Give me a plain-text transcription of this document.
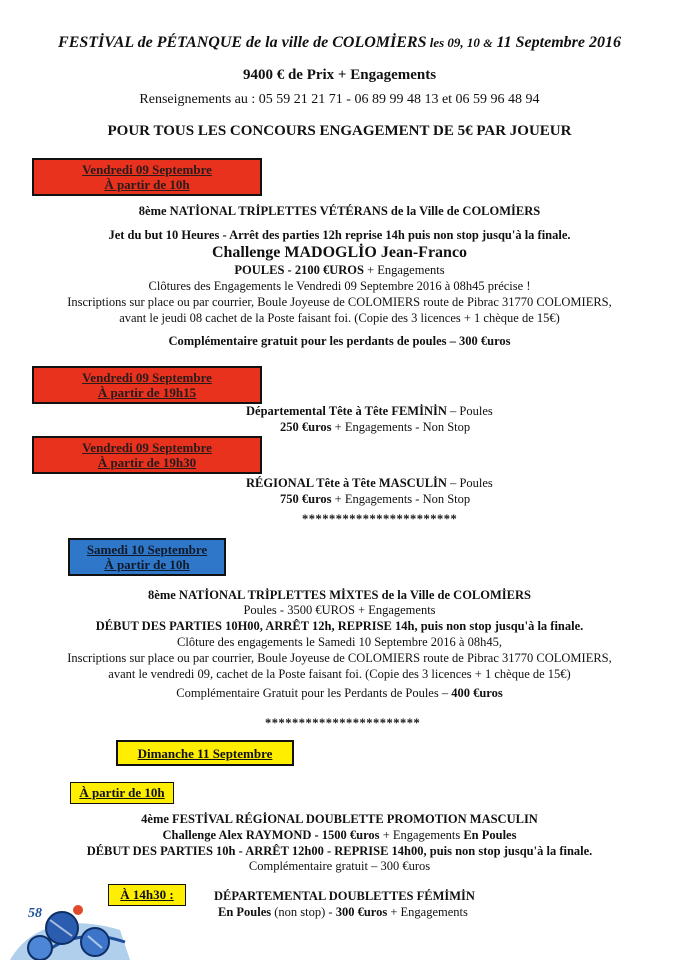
FESTİVAL de PÉTANQUE de la ville de COLOMİERS les 09, 10 & 11 Septembre 2016
9400 € de Prix + Engagements
Renseignements au : 05 59 21 21 71 - 06 89 99 48 13 et 06 59 96 48 94
POUR TOUS LES CONCOURS ENGAGEMENT DE 5€ PAR JOUEUR
Vendredi 09 Septembre
À partir de 10h
8ème NATİONAL TRİPLETTES VÉTÉRANS de la Ville de COLOMİERS
Jet du but 10 Heures - Arrêt des parties 12h reprise 14h puis non stop jusqu'à la finale.
Challenge MADOGLİO Jean-Franco
POULES - 2100 €UROS + Engagements
Clôtures des Engagements le Vendredi 09 Septembre 2016 à 08h45 précise !
Inscriptions sur place ou par courrier, Boule Joyeuse de COLOMIERS route de Pibrac 31770 COLOMIERS,
avant le jeudi 08 cachet de la Poste faisant foi. (Copie des 3 licences + 1 chèque de 15€)
Complémentaire gratuit pour les perdants de poules – 300 €uros
Vendredi 09 Septembre
À partir de 19h15
Départemental Tête à Tête FEMİNİN – Poules
250 €uros + Engagements - Non Stop
Vendredi 09 Septembre
À partir de 19h30
RÉGIONAL Tête à Tête MASCULİN – Poules
750 €uros + Engagements - Non Stop
***********************
Samedi 10 Septembre
À partir de 10h
8ème NATİONAL TRİPLETTES MİXTES de la Ville de COLOMİERS
Poules - 3500 €UROS + Engagements
DÉBUT DES PARTIES 10H00, ARRÊT 12h, REPRISE 14h, puis non stop jusqu'à la finale.
Clôture des engagements le Samedi 10 Septembre 2016 à 08h45,
Inscriptions sur place ou par courrier, Boule Joyeuse de COLOMIERS route de Pibrac 31770 COLOMIERS,
avant le vendredi 09, cachet de la Poste faisant foi. (Copie des 3 licences + 1 chèque de 15€)
Complémentaire Gratuit pour les Perdants de Poules – 400 €uros
***********************
Dimanche 11 Septembre
À partir de 10h
4ème FESTİVAL RÉGİONAL DOUBLETTE PROMOTION MASCULIN
Challenge Alex RAYMOND - 1500 €uros + Engagements En Poules
DÉBUT DES PARTIES 10h - ARRÊT 12h00 - REPRISE 14h00, puis non stop jusqu'à la finale.
Complémentaire gratuit – 300 €uros
À 14h30 :	DÉPARTEMENTAL DOUBLETTES FÉMİMİN
En Poules (non stop) - 300 €uros + Engagements
58
